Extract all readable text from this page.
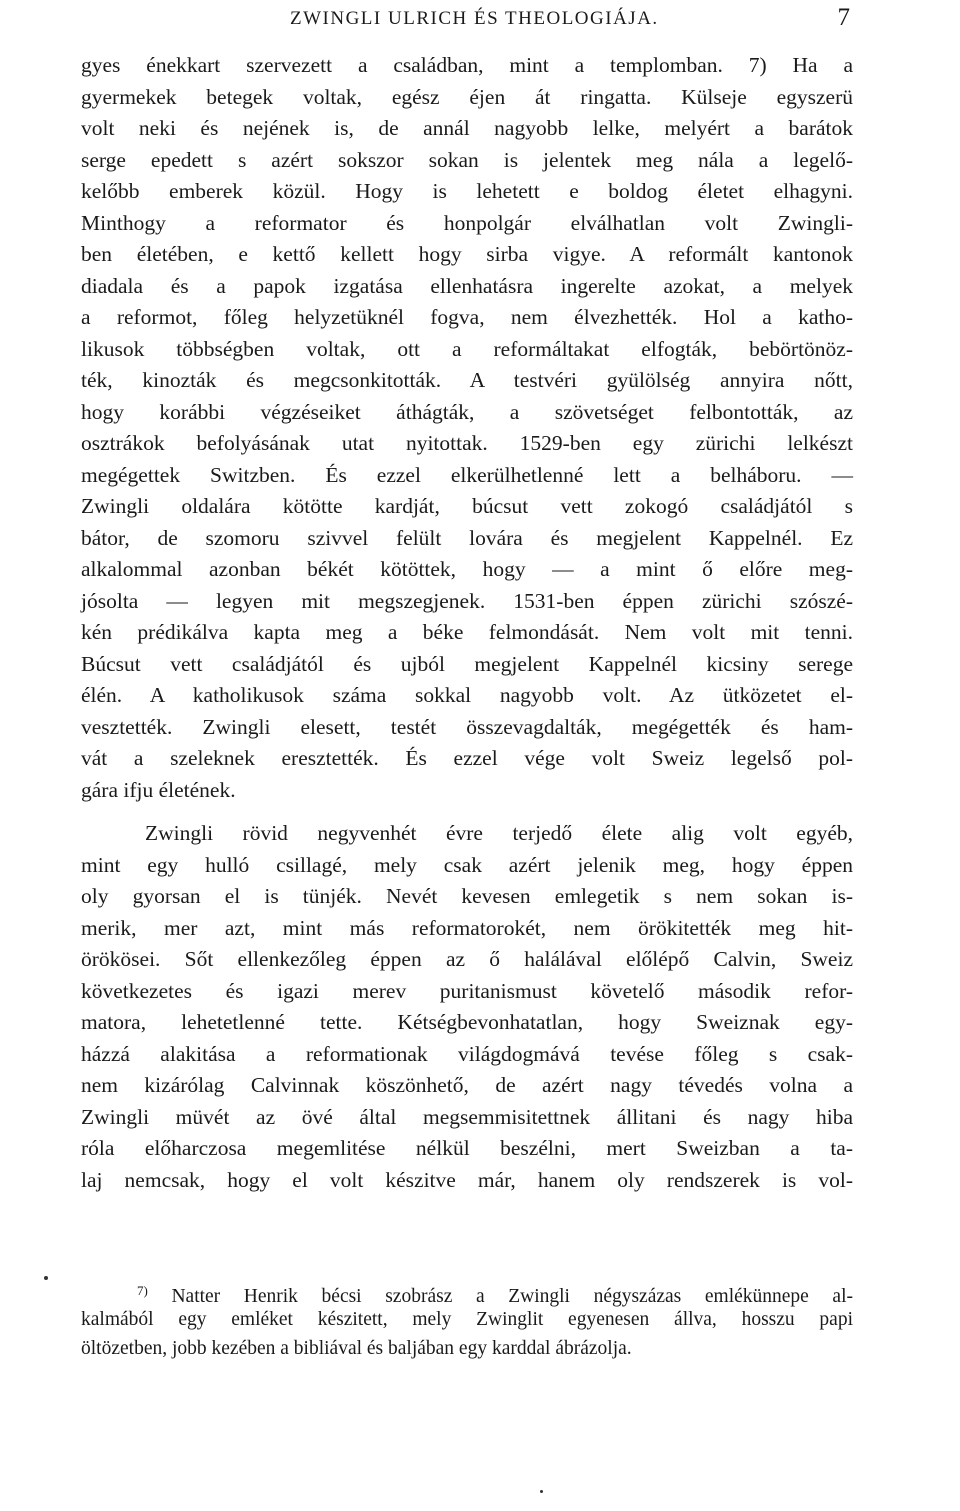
ZWINGLI ULRICH ÉS THEOLOGIÁJA.	7
gyes énekkart szervezett a családban, mint a templomban. 7) Ha a
gyermekek betegek voltak, egész éjen át ringatta. Külseje egyszerü
volt neki és nejének is, de annál nagyobb lelke, melyért a barátok
serge epedett s azért sokszor sokan is jelentek meg nála a legelő-
kelőbb emberek közül. Hogy is lehetett e boldog életet elhagyni.
Minthogy a reformator és honpolgár elválhatlan volt Zwingli-
ben életében, e kettő kellett hogy sirba vigye. A reformált kantonok
diadala és a papok izgatása ellenhatásra ingerelte azokat, a melyek
a reformot, főleg helyzetüknél fogva, nem élvezhették. Hol a katho-
likusok többségben voltak, ott a reformáltakat elfogták, bebörtönöz-
ték, kinozták és megcsonkitották. A testvéri gyülölség annyira nőtt,
hogy korábbi végzéseiket áthágták, a szövetséget felbontották, az
osztrákok befolyásának utat nyitottak. 1529-ben egy zürichi lelkészt
megégettek Switzben. És ezzel elkerülhetlenné lett a belháboru. —
Zwingli oldalára kötötte kardját, búcsut vett zokogó családjától s
bátor, de szomoru szivvel felült lovára és megjelent Kappelnél. Ez
alkalommal azonban békét kötöttek, hogy — a mint ő előre meg-
jósolta — legyen mit megszegjenek. 1531-ben éppen zürichi szószé-
kén prédikálva kapta meg a béke felmondását. Nem volt mit tenni.
Búcsut vett családjától és ujból megjelent Kappelnél kicsiny serege
élén. A katholikusok száma sokkal nagyobb volt. Az ütközetet el-
vesztették. Zwingli elesett, testét összevagdalták, megégették és ham-
vát a szeleknek eresztették. És ezzel vége volt Sweiz legelső pol-
gára ifju életének.
Zwingli rövid negyvenhét évre terjedő élete alig volt egyéb,
mint egy hulló csillagé, mely csak azért jelenik meg, hogy éppen
oly gyorsan el is tünjék. Nevét kevesen emlegetik s nem sokan is-
merik, mer azt, mint más reformatorokét, nem örökitették meg hit-
örökösei. Sőt ellenkezőleg éppen az ő halálával előlépő Calvin, Sweiz
következetes és igazi merev puritanismust követelő második refor-
matora, lehetetlenné tette. Kétségbevonhatatlan, hogy Sweiznak egy-
házzá alakitása a reformationak világdogmává tevése főleg s csak-
nem kizárólag Calvinnak köszönhető, de azért nagy tévedés volna a
Zwingli müvét az övé által megsemmisitettnek állitani és nagy hiba
róla előharczosa megemlitése nélkül beszélni, mert Sweizban a ta-
laj nemcsak, hogy el volt készitve már, hanem oly rendszerek is vol-
$^{7)}$ Natter Henrik bécsi szobrász a Zwingli négyszázas emlékünnepe al-
kalmából egy emléket készitett, mely Zwinglit egyenesen állva, hosszu papi
öltözetben, jobb kezében a bibliával és baljában egy karddal ábrázolja.
